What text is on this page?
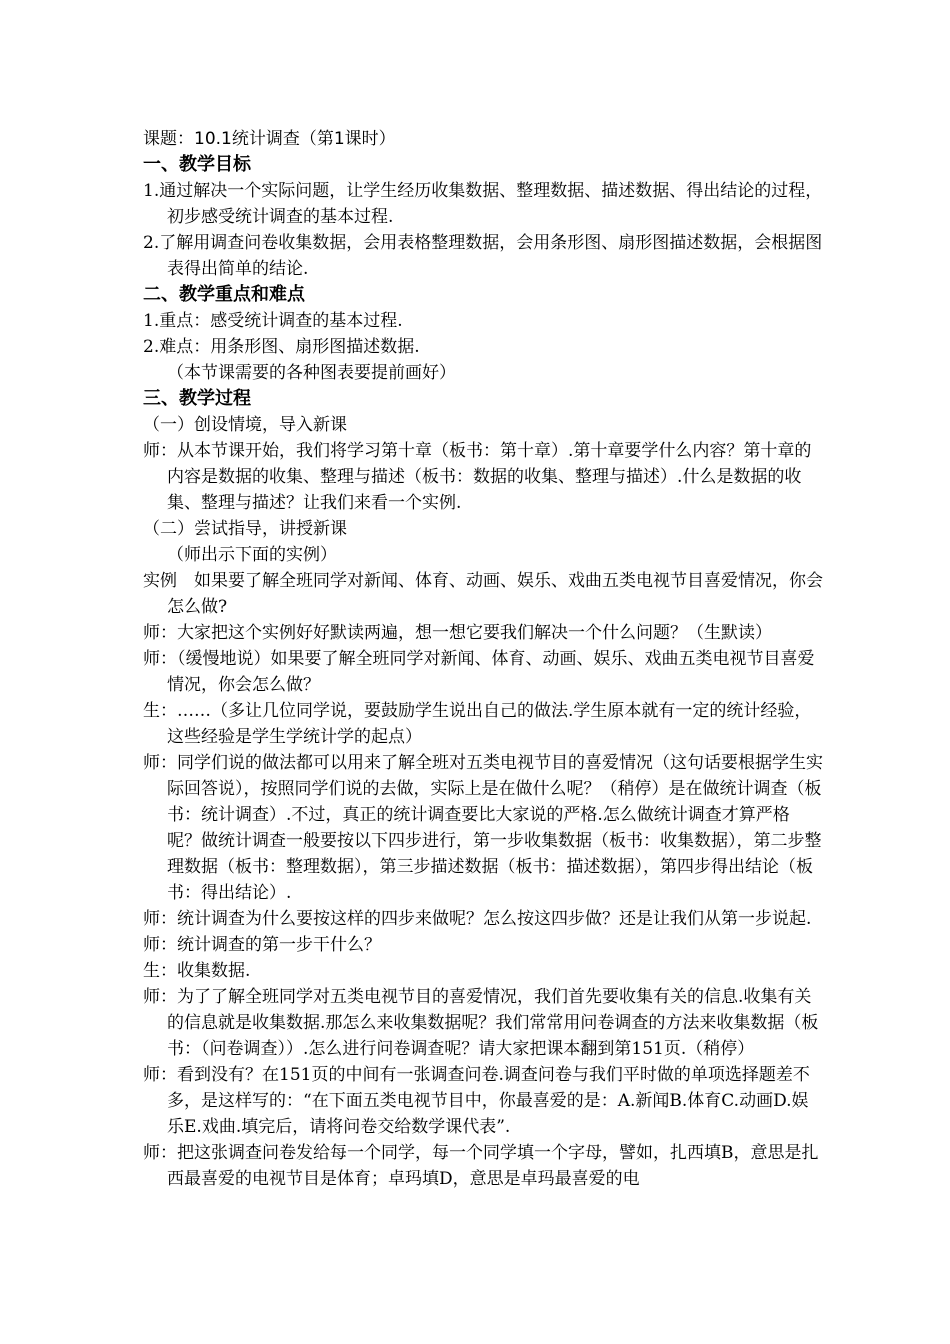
课题：10.1统计调查（第1课时）
一、教学目标
1.通过解决一个实际问题，让学生经历收集数据、整理数据、描述数据、得出结论的过程，初步感受统计调查的基本过程.
2.了解用调查问卷收集数据，会用表格整理数据，会用条形图、扇形图描述数据，会根据图表得出简单的结论.
二、教学重点和难点
1.重点：感受统计调查的基本过程.
2.难点：用条形图、扇形图描述数据.
（本节课需要的各种图表要提前画好）
三、教学过程
（一）创设情境，导入新课
师：从本节课开始，我们将学习第十章（板书：第十章）.第十章要学什么内容？第十章的内容是数据的收集、整理与描述（板书：数据的收集、整理与描述）.什么是数据的收集、整理与描述？让我们来看一个实例.
（二）尝试指导，讲授新课
（师出示下面的实例）
实例　如果要了解全班同学对新闻、体育、动画、娱乐、戏曲五类电视节目喜爱情况，你会怎么做?
师：大家把这个实例好好默读两遍，想一想它要我们解决一个什么问题？（生默读）
师：（缓慢地说）如果要了解全班同学对新闻、体育、动画、娱乐、戏曲五类电视节目喜爱情况，你会怎么做？
生：……（多让几位同学说，要鼓励学生说出自己的做法.学生原本就有一定的统计经验，这些经验是学生学统计学的起点）
师：同学们说的做法都可以用来了解全班对五类电视节目的喜爱情况（这句话要根据学生实际回答说），按照同学们说的去做，实际上是在做什么呢？（稍停）是在做统计调查（板书：统计调查）.不过，真正的统计调查要比大家说的严格.怎么做统计调查才算严格呢？做统计调查一般要按以下四步进行，第一步收集数据（板书：收集数据），第二步整理数据（板书：整理数据），第三步描述数据（板书：描述数据），第四步得出结论（板书：得出结论）.
师：统计调查为什么要按这样的四步来做呢？怎么按这四步做？还是让我们从第一步说起.
师：统计调查的第一步干什么？
生：收集数据.
师：为了了解全班同学对五类电视节目的喜爱情况，我们首先要收集有关的信息.收集有关的信息就是收集数据.那怎么来收集数据呢？我们常常用问卷调查的方法来收集数据（板书：（问卷调查））.怎么进行问卷调查呢？请大家把课本翻到第151页.（稍停）
师：看到没有？在151页的中间有一张调查问卷.调查问卷与我们平时做的单项选择题差不多，是这样写的：“在下面五类电视节目中，你最喜爱的是：A.新闻B.体育C.动画D.娱乐E.戏曲.填完后，请将问卷交给数学课代表”.
师：把这张调查问卷发给每一个同学，每一个同学填一个字母，譬如，扎西填B，意思是扎西最喜爱的电视节目是体育；卓玛填D，意思是卓玛最喜爱的电
